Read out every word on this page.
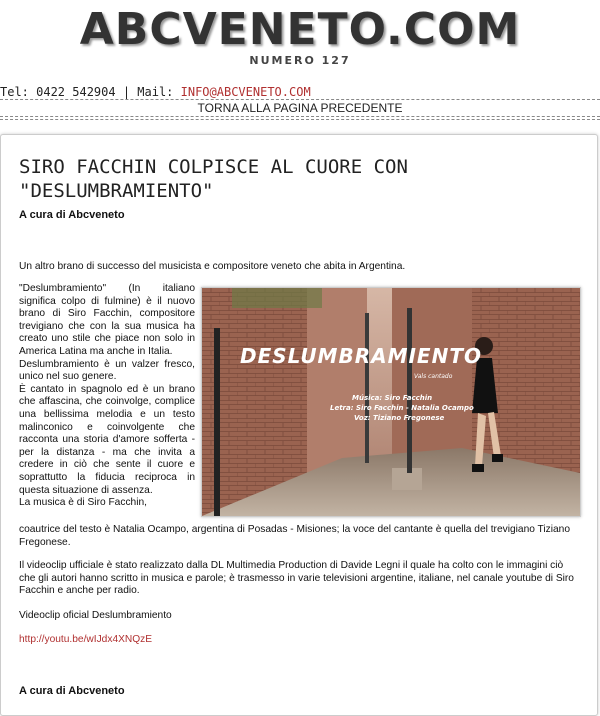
ABCVENETO.COM
NUMERO 127
Tel: 0422 542904 | Mail: INFO@ABCVENETO.COM
TORNA ALLA PAGINA PRECEDENTE
SIRO FACCHIN COLPISCE AL CUORE CON "DESLUMBRAMIENTO"
A cura di Abcveneto
Un altro brano di successo del musicista e compositore veneto che abita in Argentina.

"Deslumbramiento" (In italiano significa colpo di fulmine) è il nuovo brano di Siro Facchin, compositore trevigiano che con la sua musica ha creato uno stile che piace non solo in America Latina ma anche in Italia.

Deslumbramiento è un valzer fresco, unico nel suo genere.

È cantato in spagnolo ed è un brano che affascina, che coinvolge, complice una bellissima melodia e un testo malinconico e coinvolgente che racconta una storia d'amore sofferta - per la distanza - ma che invita a credere in ciò che sente il cuore e soprattutto la fiducia reciproca in questa situazione di assenza.

La musica è di Siro Facchin,

DESLUMBRAMIENTO
Vals cantado
Música: Siro Facchin
Letra: Siro Facchin - Natalia Ocampo
Voz: Tiziano Fregonese
coautrice del testo è Natalia Ocampo, argentina di Posadas - Misiones; la voce del cantante è quella del trevigiano Tiziano Fregonese.
Il videoclip ufficiale è stato realizzato dalla DL Multimedia Production di Davide Legni il quale ha colto con le immagini ciò che gli autori hanno scritto in musica e parole; è trasmesso in varie televisioni argentine, italiane, nel canale youtube di Siro Facchin e anche per radio.
Videoclip oficial Deslumbramiento
http://youtu.be/wIJdx4XNQzE
A cura di Abcveneto
